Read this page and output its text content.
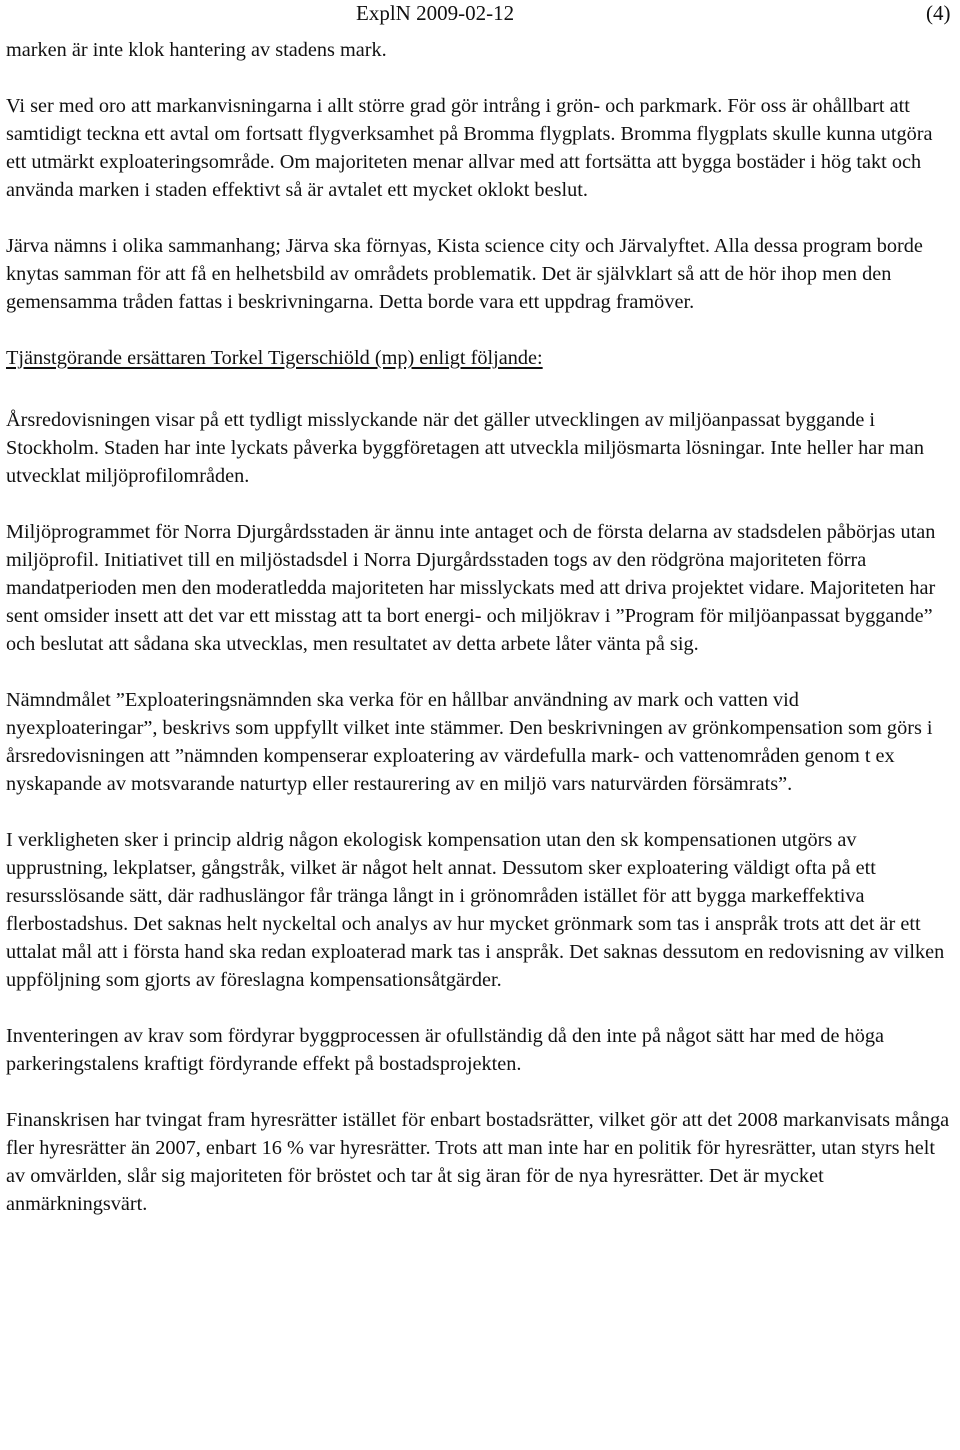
ExplN 2009-02-12	(4)

marken är inte klok hantering av stadens mark.

Vi ser med oro att markanvisningarna i allt större grad gör intrång i grön- och parkmark. För oss är ohållbart att samtidigt teckna ett avtal om fortsatt flygverksamhet på Bromma flygplats. Bromma flygplats skulle kunna utgöra ett utmärkt exploateringsområde. Om majoriteten menar allvar med att fortsätta att bygga bostäder i hög takt och använda marken i staden effektivt så är avtalet ett mycket oklokt beslut.

Järva nämns i olika sammanhang; Järva ska förnyas, Kista science city och Järvalyftet. Alla dessa program borde knytas samman för att få en helhetsbild av områdets problematik. Det är självklart så att de hör ihop men den gemensamma tråden fattas i beskrivningarna. Detta borde vara ett uppdrag framöver.

Tjänstgörande ersättaren Torkel Tigerschiöld (mp) enligt följande:

Årsredovisningen visar på ett tydligt misslyckande när det gäller utvecklingen av miljöanpassat byggande i Stockholm. Staden har inte lyckats påverka byggföretagen att utveckla miljösmarta lösningar. Inte heller har man utvecklat miljöprofilområden.

Miljöprogrammet för Norra Djurgårdsstaden är ännu inte antaget och de första delarna av stadsdelen påbörjas utan miljöprofil. Initiativet till en miljöstadsdel i Norra Djurgårdsstaden togs av den rödgröna majoriteten förra mandatperioden men den moderatledda majoriteten har misslyckats med att driva projektet vidare. Majoriteten har sent omsider insett att det var ett misstag att ta bort energi- och miljökrav i ”Program för miljöanpassat byggande” och beslutat att sådana ska utvecklas, men resultatet av detta arbete låter vänta på sig.

Nämndmålet ”Exploateringsnämnden ska verka för en hållbar användning av mark och vatten vid nyexploateringar”, beskrivs som uppfyllt vilket inte stämmer. Den beskrivningen av grönkompensation som görs i årsredovisningen att ”nämnden kompenserar exploatering av värdefulla mark- och vattenområden genom t ex nyskapande av motsvarande naturtyp eller restaurering av en miljö vars naturvärden försämrats”.

I verkligheten sker i princip aldrig någon ekologisk kompensation utan den sk kompensationen utgörs av upprustning, lekplatser, gångstråk, vilket är något helt annat. Dessutom sker exploatering väldigt ofta på ett resursslösande sätt, där radhuslängor får tränga långt in i grönområden istället för att bygga markeffektiva flerbostadshus. Det saknas helt nyckeltal och analys av hur mycket grönmark som tas i anspråk trots att det är ett uttalat mål att i första hand ska redan exploaterad mark tas i anspråk. Det saknas dessutom en redovisning av vilken uppföljning som gjorts av föreslagna kompensationsåtgärder.

Inventeringen av krav som fördyrar byggprocessen är ofullständig då den inte på något sätt har med de höga parkeringstalens kraftigt fördyrande effekt på bostadsprojekten.

Finanskrisen har tvingat fram hyresrätter istället för enbart bostadsrätter, vilket gör att det 2008 markanvisats många fler hyresrätter än 2007, enbart 16 % var hyresrätter. Trots att man inte har en politik för hyresrätter, utan styrs helt av omvärlden, slår sig majoriteten för bröstet och tar åt sig äran för de nya hyresrätter. Det är mycket anmärkningsvärt.
